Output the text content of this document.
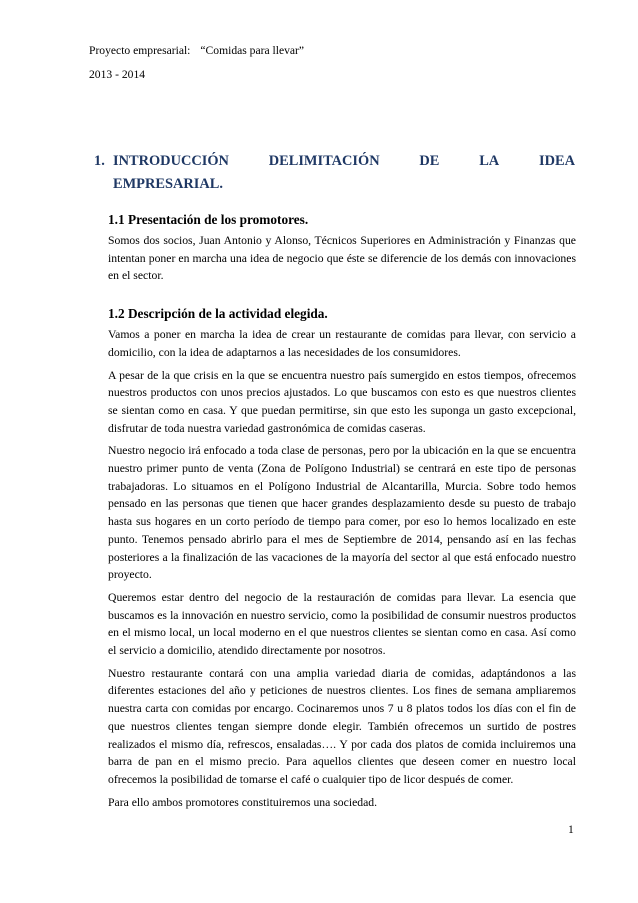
Proyecto empresarial: “Comidas para llevar”
2013 - 2014
1. INTRODUCCIÓN	DELIMITACIÓN	DE	LA	IDEA
EMPRESARIAL.
1.1 Presentación de los promotores.

Somos dos socios, Juan Antonio y Alonso, Técnicos Superiores en Administración y Finanzas que intentan poner en marcha una idea de negocio que éste se diferencie de los demás con innovaciones en el sector.

1.2 Descripción de la actividad elegida.

Vamos a poner en marcha la idea de crear un restaurante de comidas para llevar, con servicio a domicilio, con la idea de adaptarnos a las necesidades de los consumidores.

A pesar de la que crisis en la que se encuentra nuestro país sumergido en estos tiempos, ofrecemos nuestros productos con unos precios ajustados. Lo que buscamos con esto es que nuestros clientes se sientan como en casa. Y que puedan permitirse, sin que esto les suponga un gasto excepcional, disfrutar de toda nuestra variedad gastronómica de comidas caseras.

Nuestro negocio irá enfocado a toda clase de personas, pero por la ubicación en la que se encuentra nuestro primer punto de venta (Zona de Polígono Industrial) se centrará en este tipo de personas trabajadoras. Lo situamos en el Polígono Industrial de Alcantarilla, Murcia. Sobre todo hemos pensado en las personas que tienen que hacer grandes desplazamiento desde su puesto de trabajo hasta sus hogares en un corto período de tiempo para comer, por eso lo hemos localizado en este punto. Tenemos pensado abrirlo para el mes de Septiembre de 2014, pensando así en las fechas posteriores a la finalización de las vacaciones de la mayoría del sector al que está enfocado nuestro proyecto.

Queremos estar dentro del negocio de la restauración de comidas para llevar. La esencia que buscamos es la innovación en nuestro servicio, como la posibilidad de consumir nuestros productos en el mismo local, un local moderno en el que nuestros clientes se sientan como en casa. Así como el servicio a domicilio, atendido directamente por nosotros.

Nuestro restaurante contará con una amplia variedad diaria de comidas, adaptándonos a las diferentes estaciones del año y peticiones de nuestros clientes. Los fines de semana ampliaremos nuestra carta con comidas por encargo. Cocinaremos unos 7 u 8 platos todos los días con el fin de que nuestros clientes tengan siempre donde elegir. También ofrecemos un surtido de postres realizados el mismo día, refrescos, ensaladas…. Y por cada dos platos de comida incluiremos una barra de pan en el mismo precio. Para aquellos clientes que deseen comer en nuestro local ofrecemos la posibilidad de tomarse el café o cualquier tipo de licor después de comer.

Para ello ambos promotores constituiremos una sociedad.

1
